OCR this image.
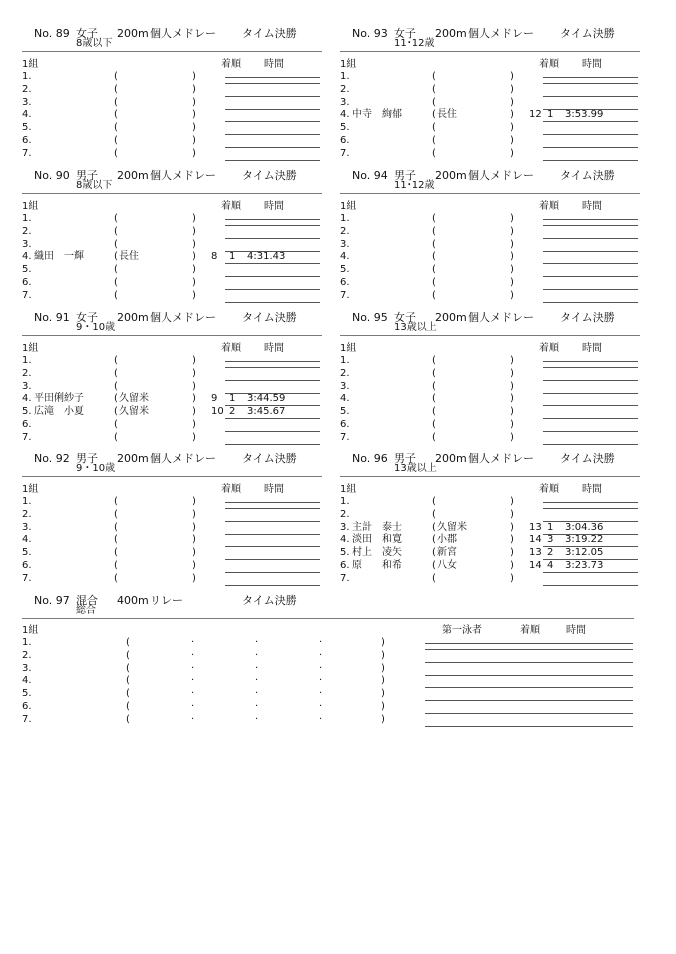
No. 89 女子 200m 個人メドレー タイム決勝
8歳以下
1組	着順 時間
1.	(	)
2.	(	)
3.	(	)
4.	(	)
5.	(	)
6.	(	)
7.	(	)
No. 90 男子 200m 個人メドレー タイム決勝
8歳以下
1組	着順 時間
1.	(	)
2.	(	)
3.	(	)
4. 織田　一輝	( 長住	) 8 1 4:31.43
5.	(	)
6.	(	)
7.	(	)
No. 91 女子 200m 個人メドレー タイム決勝
9・10歳
1組	着順 時間
1.	(	)
2.	(	)
3.	(	)
4. 平田俐紗子	( 久留米	) 9 1 3:44.59
5. 広滝　小夏	( 久留米	) 10 2 3:45.67
6.	(	)
7.	(	)
No. 92 男子 200m 個人メドレー タイム決勝
9・10歳
1組	着順 時間
1.	(	)
2.	(	)
3.	(	)
4.	(	)
5.	(	)
6.	(	)
7.	(	)
No. 93 女子 200m 個人メドレー タイム決勝
11･12歳
1組	着順 時間
1.	(	)
2.	(	)
3.	(	)
4. 中寺　絢郁	( 長住	) 12 1 3:53.99
5.	(	)
6.	(	)
7.	(	)
No. 94 男子 200m 個人メドレー タイム決勝
11･12歳
1組	着順 時間
1.	(	)
2.	(	)
3.	(	)
4.	(	)
5.	(	)
6.	(	)
7.	(	)
No. 95 女子 200m 個人メドレー タイム決勝
13歳以上
1組	着順 時間
1.	(	)
2.	(	)
3.	(	)
4.	(	)
5.	(	)
6.	(	)
7.	(	)
No. 96 男子 200m 個人メドレー タイム決勝
13歳以上
1組	着順 時間
1.	(	)
2.	(	)
3. 主計　泰士	( 久留米	) 13 1 3:04.36
4. 淡田　和寛	( 小郡	) 14 3 3:19.22
5. 村上　凌矢	( 新宮	) 13 2 3:12.05
6. 原　　和希	( 八女	) 14 4 3:23.73
7.	(	)
No. 97 混合 400m リレー	タイム決勝
総合
1組	第一泳者	着順	時間
1.	(	·	·	·	)
2.	(	·	·	·	)
3.	(	·	·	·	)
4.	(	·	·	·	)
5.	(	·	·	·	)
6.	(	·	·	·	)
7.	(	·	·	·	)
